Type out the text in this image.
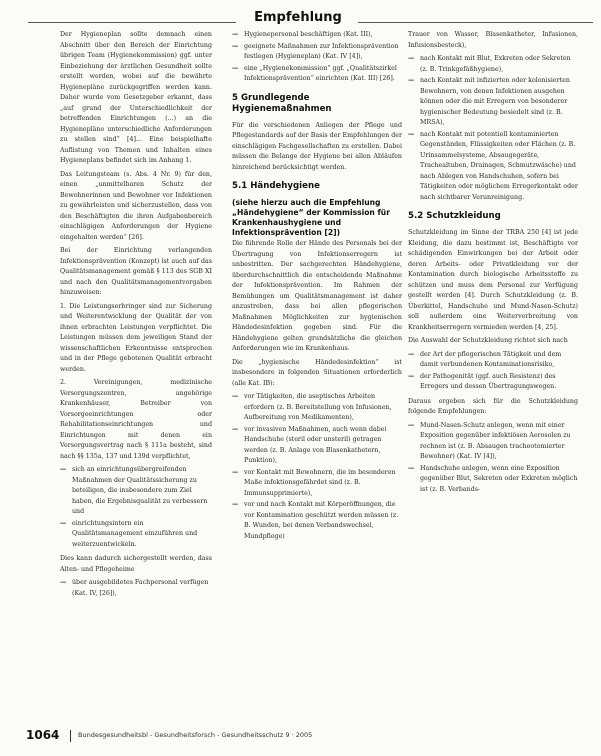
Empfehlung

Der Hygieneplan sollte demnach einen Abschnitt über den Bereich der Einrichtung übrigen Team (Hygienekommission) ggf. unter Einbeziehung der ärztlichen Gesundheit sollte erstellt werden, wobei auf die bewährte Hygienepläne zurückgegriffen werden kann. Daher wurde vom Gesetzgeber erkannt, dass „auf grund der Unterschiedlichkeit der betreffenden Einrichtungen (...) an die Hygienepläne unterschiedliche Anforderungen zu stellen sind“ [4]... Eine beispielhafte Auflistung von Themen und Inhalten eines Hygieneplans befindet sich im Anhang 1.

Das Leitungsteam (s. Abs. 4 Nr. 9) für den, einen „unmittelbaren Schutz der Bewohnerinnen und Bewohner vor Infektionen zu gewährleisten und sicherzustellen, dass von den Beschäftigten die ihren Aufgabenbereich einschlägigen Anforderungen der Hygiene eingehalten werden“ [26].

Bei der Einrichtung verlangenden Infektionsprävention (Konzept) ist auch auf das Qualitätsmanagement gemäß § 113 des SGB XI und nach den Qualitätsmanagementvorgaben hinzuweisen:

1. Die Leistungserbringer sind zur Sicherung und Weiterentwicklung der Qualität der von ihnen erbrachten Leistungen verpflichtet. Die Leistungen müssen dem jeweiligen Stand der wissenschaftlichen Erkenntnisse entsprechen und in der Pflege gebotenen Qualität erbracht werden.

2. Vereinigungen, medizinische Versorgungszentren, angehörige Krankenhäuser, Betreiber von Vorsorgeeinrichtungen oder Rehabilitationseinrichtungen und Einrichtungen mit denen ein Versorgungsvertrag nach § 111a besteht, sind nach §§ 135a, 137 und 139d verpflichtet,

— sich an einrichtungsübergreifenden Maßnahmen der Qualitätssicherung zu beteiligen, die insbesondere zum Ziel haben, die Ergebnisqualität zu verbessern und
— einrichtungsintern ein Qualitätsmanagement einzuführen und weiterzuentwickeln.

Dies kann dadurch sichergestellt werden, dass Alten- und Pflegeheime

— über ausgebildetes Fachpersonal verfügen (Kat. IV, [26]),
— Hygienepersonal beschäftigen (Kat. III),
— geeignete Maßnahmen zur Infektionsprävention festlegen (Hygieneplan) (Kat. IV [4]),
— eine „Hygienekommission“ ggf. „Qualitätszirkel Infektionsprävention“ einrichten (Kat. III) [26].
5 Grundlegende Hygienemaßnahmen

Für die verschiedenen Anliegen der Pflege und Pflegestandards auf der Basis der Empfehlungen der einschlägigen Fachgesellschaften zu erstellen. Dabei müssen die Belange der Hygiene bei allen Abläufen hinreichend berücksichtigt werden.

5.1 Händehygiene
(siehe hierzu auch die Empfehlung „Händehygiene“ der Kommission für Krankenhaushygiene und Infektionsprävention [2])

Die führende Rolle der Hände des Personals bei der Übertragung von Infektionserregern ist unbestritten. Der sachgerechten Händehygiene, überdurchschnittlich die entscheidende Maßnahme der Infektionsprävention. Im Rahmen der Bemühungen um Qualitätsmanagement ist daher anzustreben, dass bei allen pflegerischen Maßnahmen Möglichkeiten zur hygienischen Händedesinfektion gegeben sind. Für die Händehygiene gelten grundsätzliche die gleichen Anforderungen wie im Krankenhaus.

Die „hygienische Händedesinfektion“ ist insbesondere in folgenden Situationen erforderlich (alle Kat. IB):

— vor Tätigkeiten, die aseptisches Arbeiten erfordern (z. B. Bereitstellung von Infusionen, Aufbereitung von Medikamenten),
— vor invasiven Maßnahmen, auch wenn dabei Handschuhe (steril oder unsteril) getragen werden (z. B. Anlage von Blasenkathetern, Punktion),
— vor Kontakt mit Bewohnern, die im besonderen Maße infektionsgefährdet sind (z. B. Immunsupprimierte),
— vor und nach Kontakt mit Körperöffnungen, die vor Kontamination geschützt werden müssen (z. B. Wunden, bei denen Verbandswechsel, Mundpflege)

Trauer von Wasser, Blasenkatheter, Infusionen, Infusionsbesteck),

— nach Kontakt mit Blut, Exkreten oder Sekreten (z. B. Trinkgefäßhygiene),
— nach Kontakt mit infizierten oder kolonisierten Bewohnern, von denen Infektionen ausgehen können oder die mit Erregern von besonderer hygienischer Bedeutung besiedelt sind (z. B. MRSA),
— nach Kontakt mit potentiell kontaminierten Gegenständen, Flüssigkeiten oder Flächen (z. B. Urinsammelsysteme, Absaugegeräte, Trachealtuben, Drainagen, Schmutzwäsche) und nach Ablegen von Handschuhen, sofern bei Tätigkeiten oder möglichem Erregerkontakt oder nach sichtbarer Verunreinigung.
5.2 Schutzkleidung

Schutzkleidung im Sinne der TRBA 250 [4] ist jede Kleidung, die dazu bestimmt ist, Beschäftigte vor schädigenden Einwirkungen bei der Arbeit oder deren Arbeits- oder Privatkleidung vor der Kontamination durch biologische Arbeitsstoffe zu schützen und muss dem Personal zur Verfügung gestellt werden [4]. Durch Schutzkleidung (z. B. Überkittel, Handschuhe und Mund-Nasen-Schutz) soll außerdem eine Weiterverbreitung von Krankheitserregern vermieden werden [4, 25].

Die Auswahl der Schutzkleidung richtet sich nach

— der Art der pflegerischen Tätigkeit und dem damit verbundenen Kontaminationsrisiko,
— der Pathogenität (ggf. auch Resistenz) des Erregers und dessen Übertragungswegen.

Daraus ergeben sich für die Schutzkleidung folgende Empfehlungen:

— Mund-Nasen-Schutz anlegen, wenn mit einer Exposition gegenüber infektiösen Aerosolen zu rechnen ist (z. B. Absaugen tracheotomierter Bewohner) (Kat. IV [4]),
— Handschuhe anlegen, wenn eine Exposition gegenüber Blut, Sekreten oder Exkreten möglich ist (z. B. Verbands-
1064	Bundesgesundheitsbl - Gesundheitsforsch - Gesundheitsschutz 9 · 2005
